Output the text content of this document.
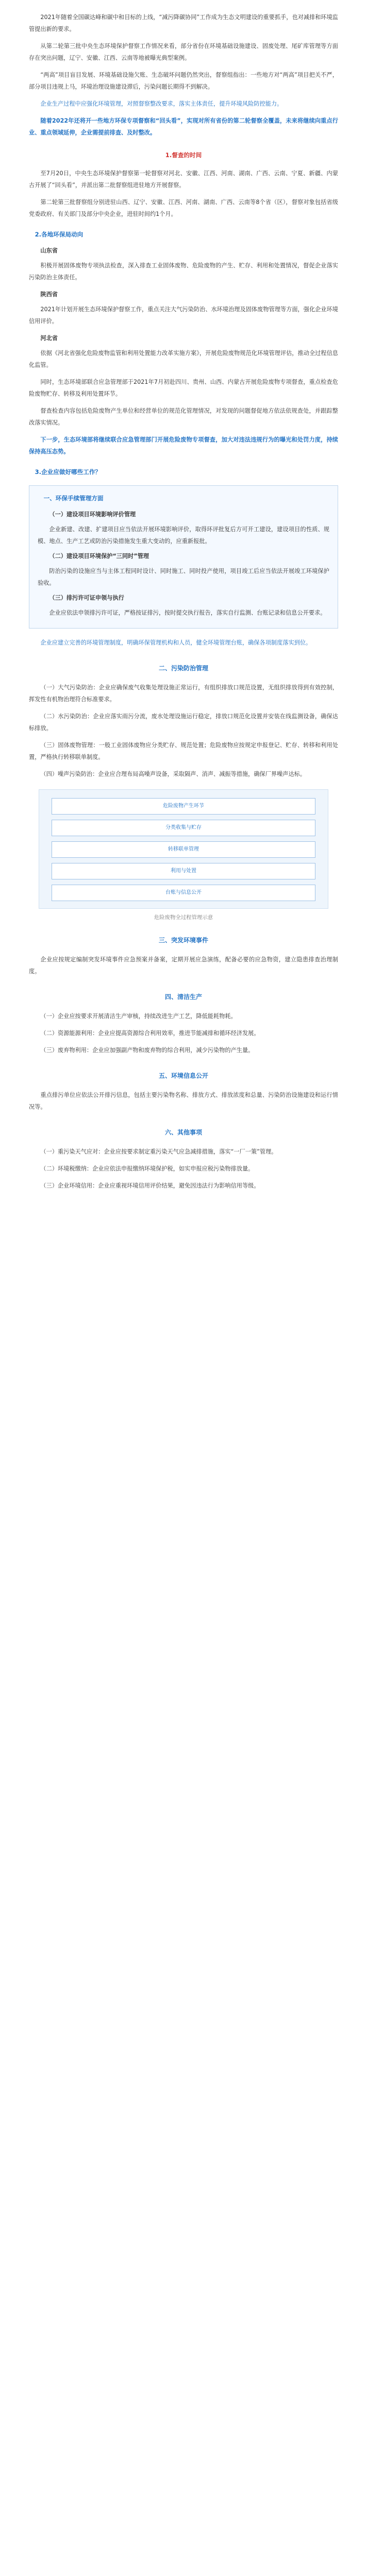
2021年随着全国碳达峰和碳中和目标的上线，“减污降碳协同”工作成为生态文明建设的重要抓手，也对减排和环境监管提出新的要求。

从第二轮第三批中央生态环境保护督察工作情况来看，部分省份在环境基础设施建设、固废处理、尾矿库管理等方面存在突出问题，辽宁、安徽、江西、云南等地被曝光典型案例。

“两高”项目盲目发展、环境基础设施欠账、生态破坏问题仍然突出，督察组指出：一些地方对“两高”项目把关不严，部分项目违规上马，环境治理设施建设滞后，污染问题长期得不到解决。

企业生产过程中应强化环境管理，对照督察整改要求，落实主体责任，提升环境风险防控能力。

随着2022年还将开一些地方环保专项督察和“回头看”，实现对所有省份的第二轮督察全覆盖，未来将继续向重点行业、重点领域延伸，企业需提前排查、及时整改。

1.督查的时间

至7月20日，中央生态环境保护督察第一轮督察对河北、安徽、江西、河南、湖南、广西、云南、宁夏、新疆、内蒙古开展了“回头看”，并派出第二批督察组进驻地方开展督察。

第二轮第三批督察组分别进驻山西、辽宁、安徽、江西、河南、湖南、广西、云南等8个省（区），督察对象包括省级党委政府、有关部门及部分中央企业，进驻时间约1个月。

2.各地环保局动向
山东省

积极开展固体废物专项执法检查，深入排查工业固体废物、危险废物的产生、贮存、利用和处置情况，督促企业落实污染防治主体责任。

陕西省

2021年计划开展生态环境保护督察工作，重点关注大气污染防治、水环境治理及固体废物管理等方面，强化企业环境信用评价。

河北省

依据《河北省强化危险废物监管和利用处置能力改革实施方案》，开展危险废物规范化环境管理评估，推动全过程信息化监管。

同时，生态环境部联合应急管理部于2021年7月初赴四川、贵州、山西、内蒙古开展危险废物专项督查，重点检查危险废物贮存、转移及利用处置环节。

督查检查内容包括危险废物产生单位和经营单位的规范化管理情况，对发现的问题督促地方依法依规查处，并跟踪整改落实情况。

下一步，生态环境部将继续联合应急管理部门开展危险废物专项督查，加大对违法违规行为的曝光和处罚力度，持续保持高压态势。

3.企业应做好哪些工作？
一、环保手续管理方面

（一）建设项目环境影响评价管理

企业新建、改建、扩建项目应当依法开展环境影响评价，取得环评批复后方可开工建设，建设项目的性质、规模、地点、生产工艺或防治污染措施发生重大变动的，应重新报批。

（二）建设项目环境保护“三同时”管理

防治污染的设施应当与主体工程同时设计、同时施工、同时投产使用，项目竣工后应当依法开展竣工环境保护验收。

（三）排污许可证申领与执行

企业应依法申领排污许可证，严格按证排污，按时提交执行报告，落实自行监测、台账记录和信息公开要求。

企业应建立完善的环境管理制度，明确环保管理机构和人员，健全环境管理台账，确保各项制度落实到位。

二、污染防治管理

（一）大气污染防治：企业应确保废气收集处理设施正常运行，有组织排放口规范设置，无组织排放得到有效控制，挥发性有机物治理符合标准要求。

（二）水污染防治：企业应落实雨污分流，废水处理设施运行稳定，排放口规范化设置并安装在线监测设备，确保达标排放。

（三）固体废物管理：一般工业固体废物应分类贮存、规范处置；危险废物应按规定申报登记、贮存、转移和利用处置，严格执行转移联单制度。

（四）噪声污染防治：企业应合理布局高噪声设备，采取隔声、消声、减振等措施，确保厂界噪声达标。

危险废物产生环节
分类收集与贮存
转移联单管理
利用与处置
台账与信息公开
危险废物全过程管理示意
三、突发环境事件

企业应按规定编制突发环境事件应急预案并备案，定期开展应急演练，配备必要的应急物资，建立隐患排查治理制度。

四、清洁生产

（一）企业应按要求开展清洁生产审核，持续改进生产工艺，降低能耗物耗。

（二）资源能源利用：企业应提高资源综合利用效率，推进节能减排和循环经济发展。

（三）废弃物利用：企业应加强副产物和废弃物的综合利用，减少污染物的产生量。

五、环境信息公开

重点排污单位应依法公开排污信息，包括主要污染物名称、排放方式、排放浓度和总量、污染防治设施建设和运行情况等。

六、其他事项

（一）重污染天气应对：企业应按要求制定重污染天气应急减排措施，落实“一厂一策”管理。

（二）环境税缴纳：企业应依法申报缴纳环境保护税，如实申报应税污染物排放量。

（三）企业环境信用：企业应重视环境信用评价结果，避免因违法行为影响信用等级。
